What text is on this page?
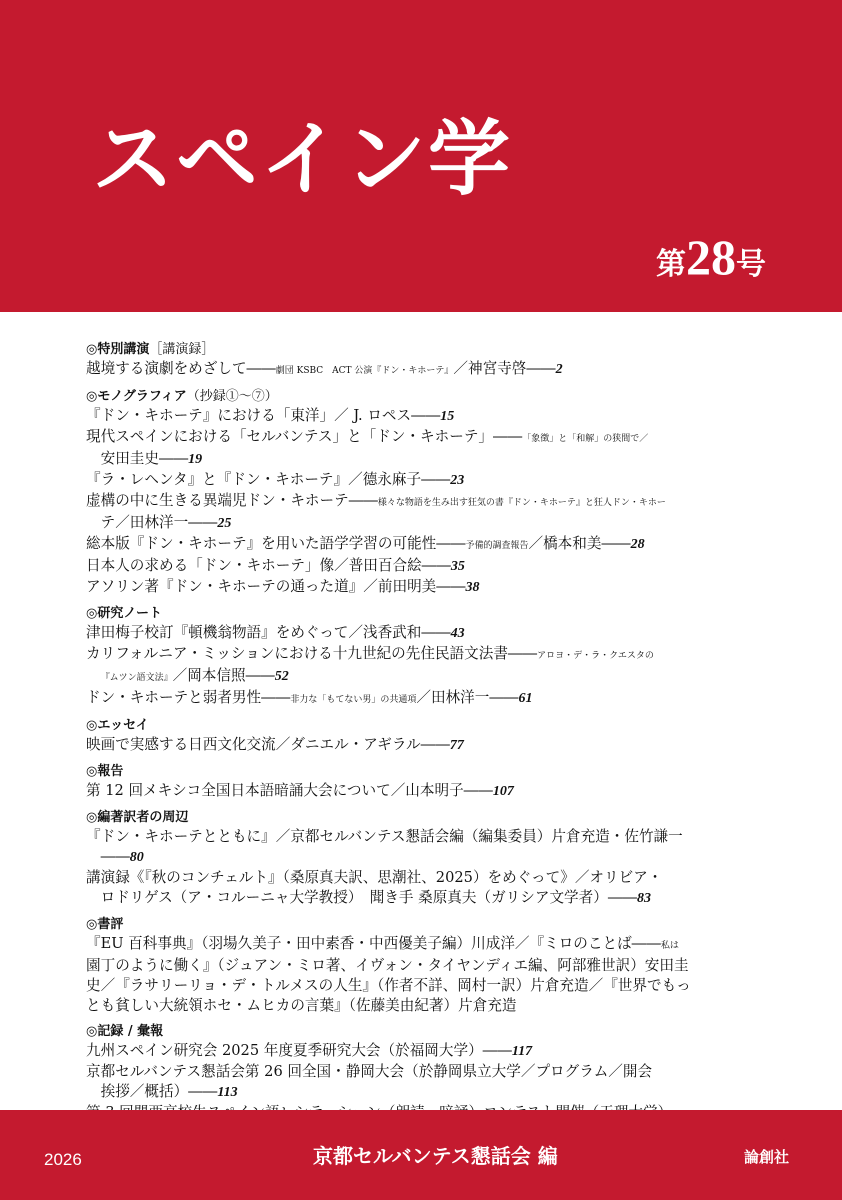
スペイン学
第28号
◎特別講演［講演録］
越境する演劇をめざして――劇団 KSBC　ACT 公演『ドン・キホーテ』／神宮寺啓――2
◎モノグラフィア（抄録①～⑦）
『ドン・キホーテ』における「東洋」／ J. ロペス――15
現代スペインにおける「セルバンテス」と「ドン・キホーテ」――「象徴」と「和解」の狭間で／
安田圭史――19
『ラ・レヘンタ』と『ドン・キホーテ』／德永麻子――23
虚構の中に生きる異端児ドン・キホーテ――様々な物語を生み出す狂気の書『ドン・キホーテ』と狂人ドン・キホー
テ／田林洋一――25
総本版『ドン・キホーテ』を用いた語学学習の可能性――予備的調査報告／橋本和美――28
日本人の求める「ドン・キホーテ」像／普田百合絵――35
アソリン著『ドン・キホーテの通った道』／前田明美――38
◎研究ノート
津田梅子校訂『頓機翁物語』をめぐって／浅香武和――43
カリフォルニア・ミッションにおける十九世紀の先住民語文法書――アロヨ・デ・ラ・クエスタの
『ムツン語文法』／岡本信照――52
ドン・キホーテと弱者男性――非力な「もてない男」の共通項／田林洋一――61
◎エッセイ
映画で実感する日西文化交流／ダニエル・アギラル――77
◎報告
第 12 回メキシコ全国日本語暗誦大会について／山本明子――107
◎編著訳者の周辺
『ドン・キホーテとともに』／京都セルバンテス懇話会編（編集委員）片倉充造・佐竹謙一
――80
講演録《『秋のコンチェルト』（桑原真夫訳、思潮社、2025）をめぐって》／オリビア・
ロドリゲス（ア・コルーニャ大学教授）　聞き手 桑原真夫（ガリシア文学者）――83
◎書評
『EU 百科事典』（羽場久美子・田中素香・中西優美子編）川成洋／『ミロのことば――私は
園丁のように働く』（ジュアン・ミロ著、イヴォン・タイヤンディエ編、阿部雅世訳）安田圭
史／『ラサリーリョ・デ・トルメスの人生』（作者不詳、岡村一訳）片倉充造／『世界でもっ
とも貧しい大統領ホセ・ムヒカの言葉』（佐藤美由紀著）片倉充造
◎記録 / 彙報
九州スペイン研究会 2025 年度夏季研究大会（於福岡大学）――117
京都セルバンテス懇話会第 26 回全国・静岡大会（於静岡県立大学／プログラム／開会
挨拶／概括）――113
2026	京都セルバンテス懇話会 編	論創社
